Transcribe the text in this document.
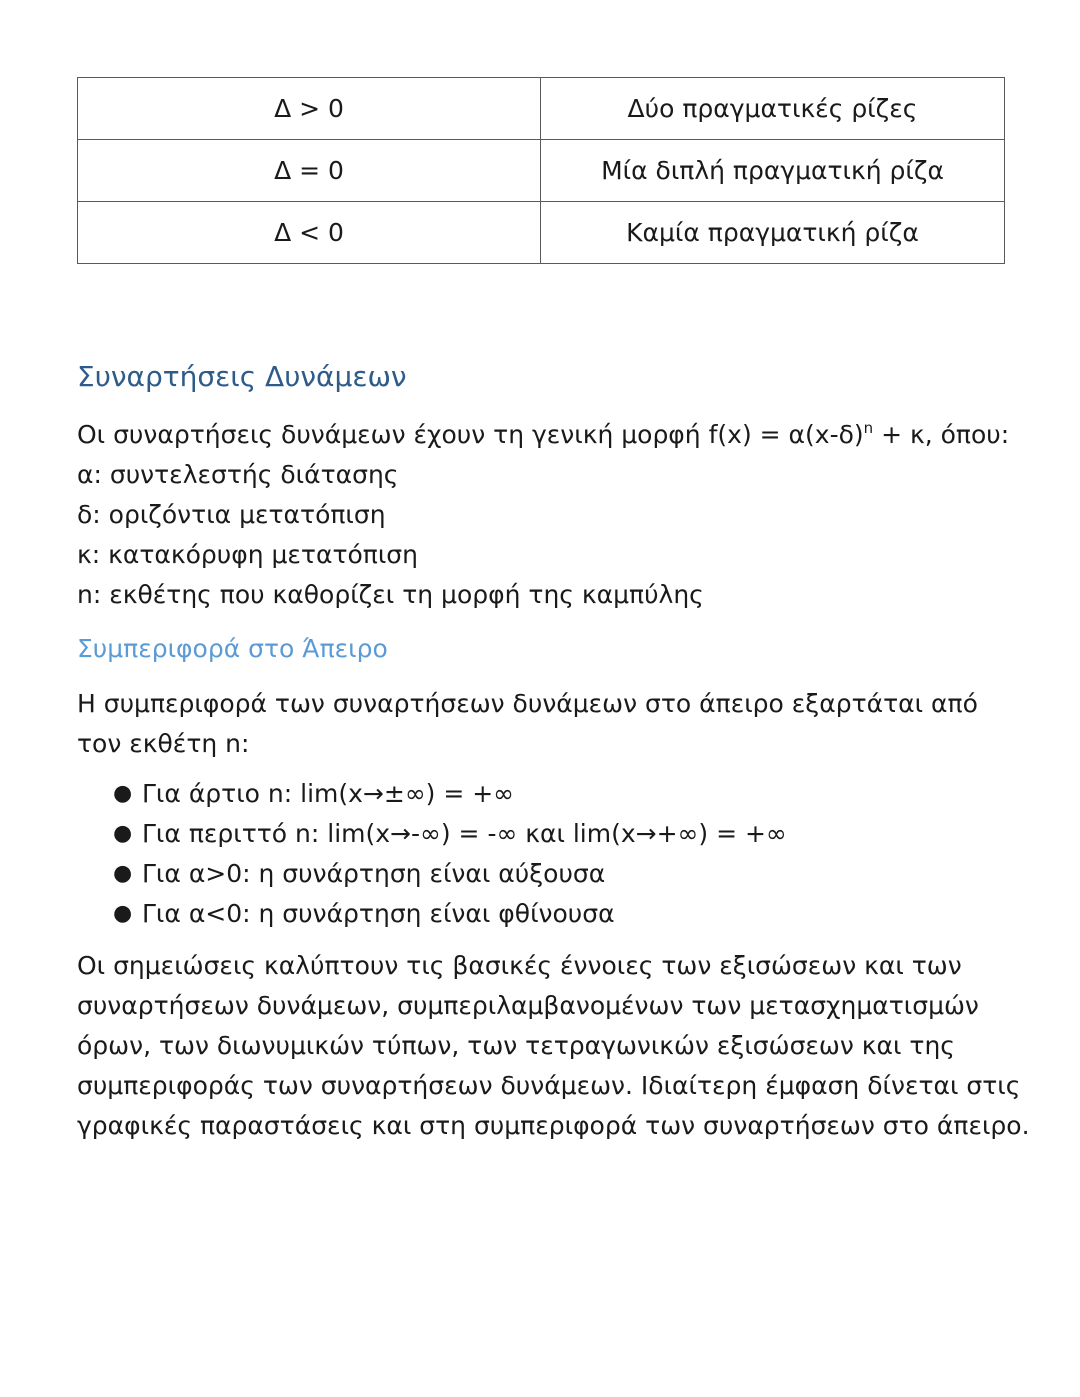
Δ > 0	Δύο πραγματικές ρίζες
Δ = 0	Μία διπλή πραγματική ρίζα
Δ < 0	Καμία πραγματική ρίζα
Συναρτήσεις Δυνάμεων
Οι συναρτήσεις δυνάμεων έχουν τη γενική μορφή $f(x) = \alpha(x-\delta)^n + \kappa$, όπου:
α: συντελεστής διάτασης
δ: οριζόντια μετατόπιση
κ: κατακόρυφη μετατόπιση
n: εκθέτης που καθορίζει τη μορφή της καμπύλης
Συμπεριφορά στο Άπειρο

Η συμπεριφορά των συναρτήσεων δυνάμεων στο άπειρο εξαρτάται από τον εκθέτη n:

● Για άρτιο n: lim(x→±∞) = +∞
● Για περιττό n: lim(x→-∞) = -∞ και lim(x→+∞) = +∞
● Για α>0: η συνάρτηση είναι αύξουσα
● Για α<0: η συνάρτηση είναι φθίνουσα
Οι σημειώσεις καλύπτουν τις βασικές έννοιες των εξισώσεων και των
συναρτήσεων δυνάμεων, συμπεριλαμβανομένων των μετασχηματισμών
όρων, των διωνυμικών τύπων, των τετραγωνικών εξισώσεων και της
συμπεριφοράς των συναρτήσεων δυνάμεων. Ιδιαίτερη έμφαση δίνεται στις
γραφικές παραστάσεις και στη συμπεριφορά των συναρτήσεων στο άπειρο.
